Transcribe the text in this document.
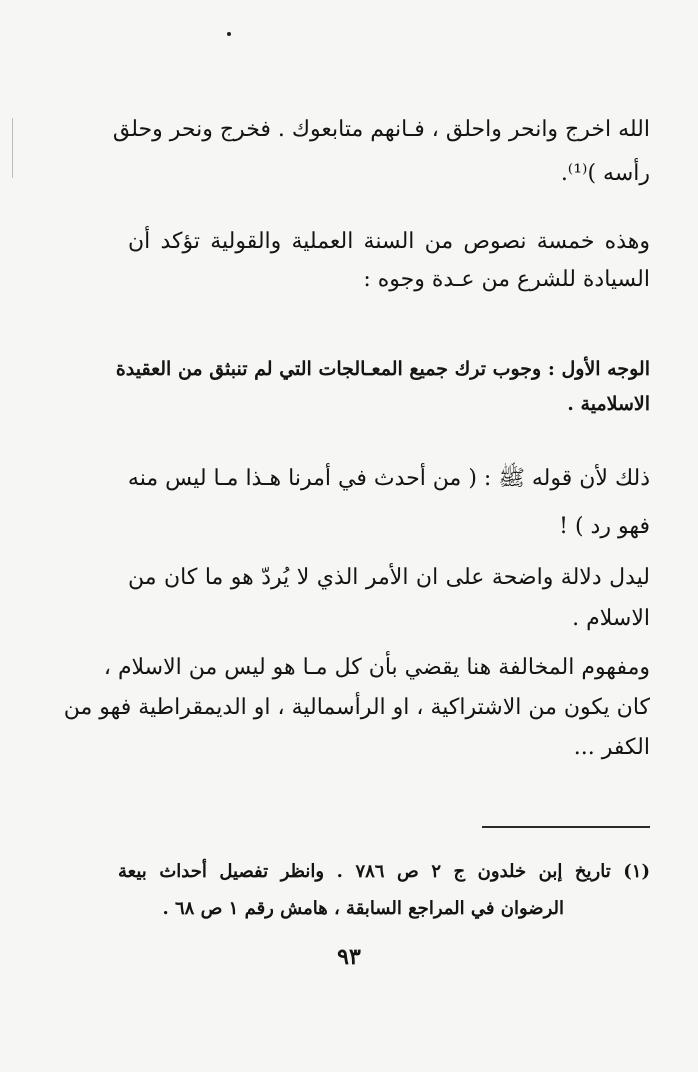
الله اخرج وانحر واحلق ، فـانهم متابعوك . فخرج ونحر وحلق
رأسه )⁽¹⁾.
وهذه خمسة نصوص من السنة العملية والقولية تؤكد أن
السيادة للشرع من عـدة وجوه :
الوجه الأول : وجوب ترك جميع المعـالجات التي لم تنبثق من العقيدة
الاسلامية .
ذلك لأن قوله ﷺ : ( من أحدث في أمرنا هـذا مـا ليس منه
فهو رد ) !
ليدل دلالة واضحة على ان الأمر الذي لا يُردّ هو ما كان من
الاسلام .
ومفهوم المخالفة هنا يقضي بأن كل مـا هو ليس من الاسلام ،
كان يكون من الاشتراكية ، او الرأسمالية ، او الديمقراطية فهو من
الكفر ...
(١) تاريخ إبن خلدون ج ٢ ص ٧٨٦ . وانظر تفصيل أحداث بيعة
الرضوان في المراجع السابقة ، هامش رقم ١ ص ٦٨ .
٩٣
